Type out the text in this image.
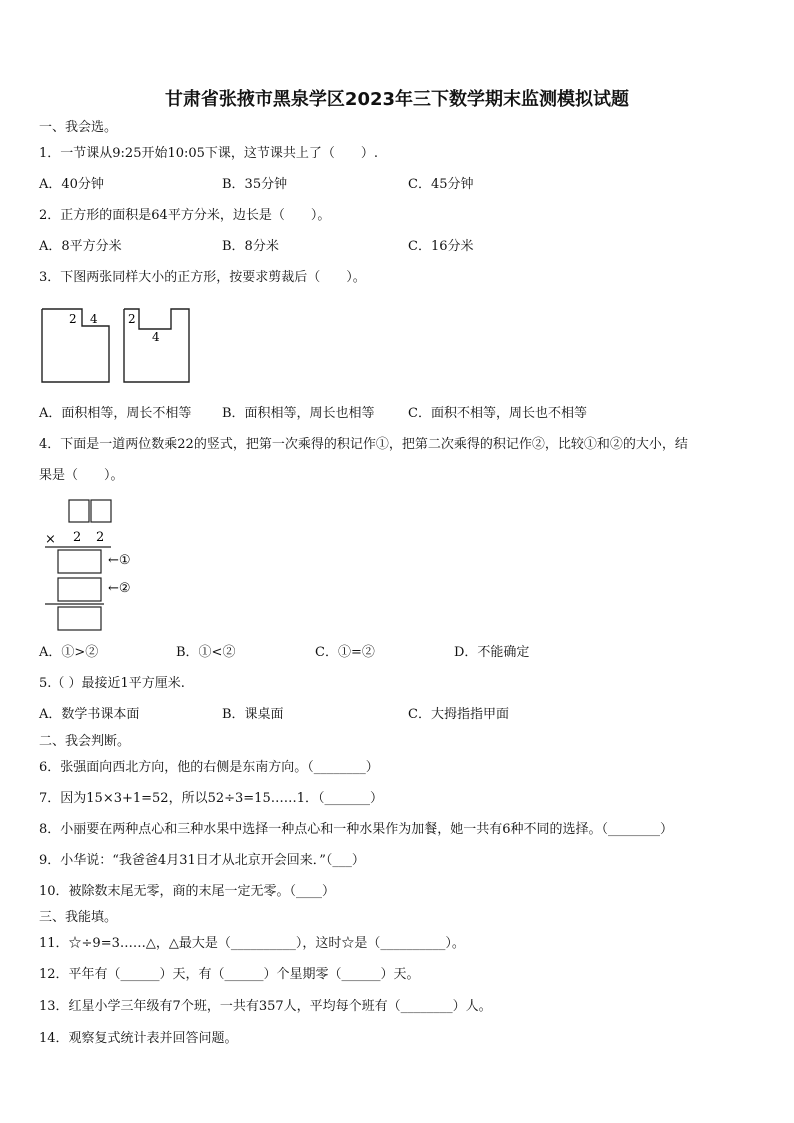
甘肃省张掖市黑泉学区2023年三下数学期末监测模拟试题
一、我会选。
1．一节课从9:25开始10:05下课，这节课共上了（　　）.
A．40分钟	B．35分钟	C．45分钟
2．正方形的面积是64平方分米，边长是（　　）。
A．8平方分米	B．8分米	C．16分米
3．下图两张同样大小的正方形，按要求剪裁后（　　）。
2 4	2
4
A．面积相等，周长不相等 B．面积相等，周长也相等	C．面积不相等，周长也不相等
4．下面是一道两位数乘22的竖式，把第一次乘得的积记作①，把第二次乘得的积记作②，比较①和②的大小，结
果是（　　）。
× 2 2
←①
←②
A．①>②	B．①<②	C．①=②	D．不能确定
5.（ ）最接近1平方厘米.
A．数学书课本面	B．课桌面	C．大拇指指甲面
二、我会判断。
6．张强面向西北方向，他的右侧是东南方向。（________）
7．因为15×3+1=52，所以52÷3=15……1．（_______）
8．小丽要在两种点心和三种水果中选择一种点心和一种水果作为加餐，她一共有6种不同的选择。（________）
9．小华说：“我爸爸4月31日才从北京开会回来．”（___）
10．被除数末尾无零，商的末尾一定无零。（____）
三、我能填。
11．☆÷9=3……△，△最大是（__________），这时☆是（__________）。
12．平年有（______）天，有（______）个星期零（______）天。
13．红星小学三年级有7个班，一共有357人，平均每个班有（________）人。
14．观察复式统计表并回答问题。
